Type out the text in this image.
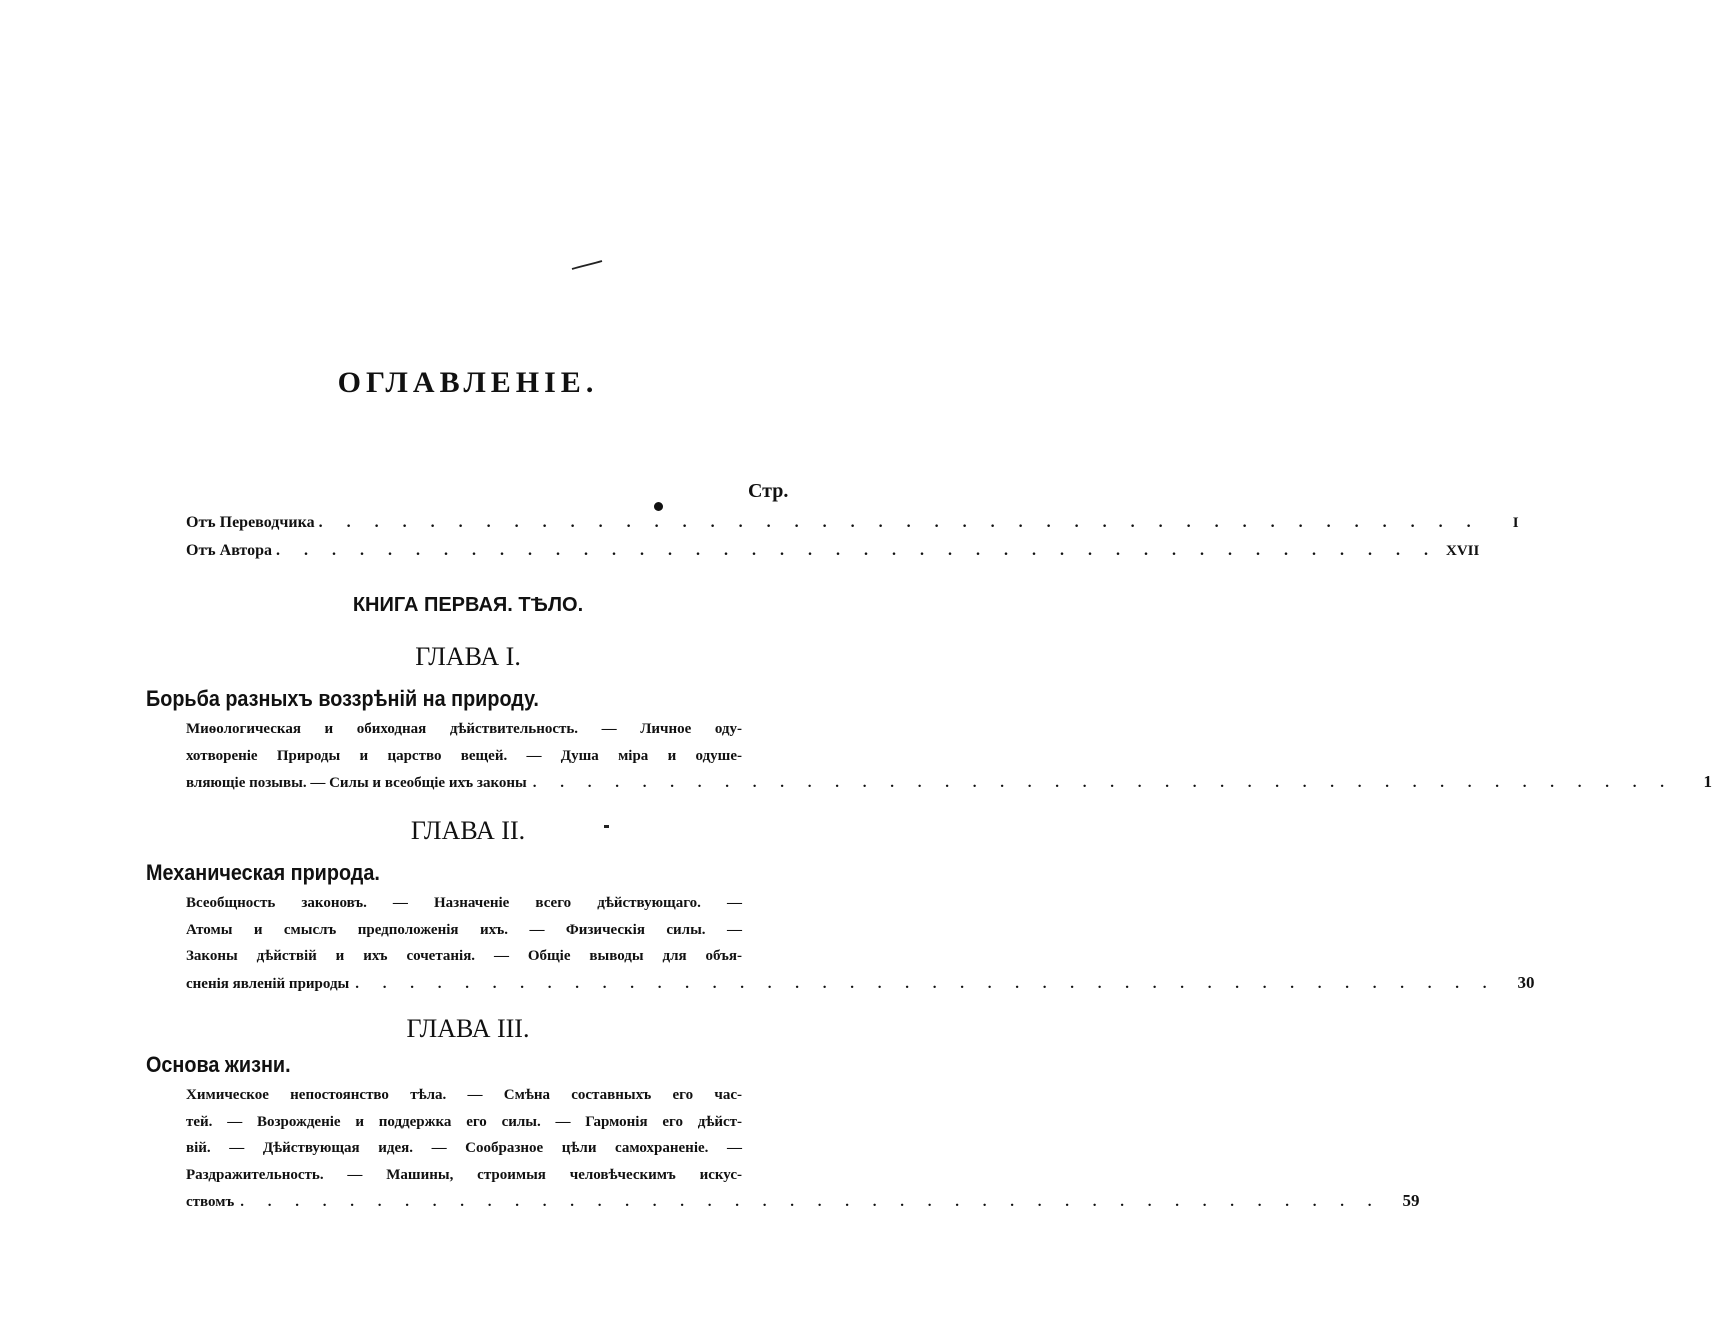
ОГЛАВЛЕНІЕ.
Стр.
Отъ Переводчика . . . . . . . . . . . . . . . . . . . . . . . . . . . . . . . . . . . . . . . . . .	I
Отъ Автора . . . . . . . . . . . . . . . . . . . . . . . . . . . . . . . . . . . . . . . . . . XVII
КНИГА ПЕРВАЯ. ТѢЛО.
ГЛАВА I.
Борьба разныхъ воззрѣній на природу.
Миѳологическая и обиходная дѣйствительность. — Личное оду-
хотвореніе Природы и царство вещей. — Душа міра и одуше-
вляющіе позывы. — Силы и всеобщіе ихъ законы . . . . . . . . . . . . . . . . . . . . . . . . . . . . . . . . . . . . . . . . . .	1
ГЛАВА II.
Механическая природа.
Всеобщность законовъ. — Назначеніе всего дѣйствующаго. —
Атомы и смыслъ предположенія ихъ. — Физическія силы. —
Законы дѣйствій и ихъ сочетанія. — Общіе выводы для объя-
сненія явленій природы . . . . . . . . . . . . . . . . . . . . . . . . . . . . . . . . . . . . . . . . . .	30
ГЛАВА III.
Основа жизни.
Химическое непостоянство тѣла. — Смѣна составныхъ его час-
тей. — Возрожденіе и поддержка его силы. — Гармонія его дѣйст-
вій. — Дѣйствующая идея. — Сообразное цѣли самохраненіе. —
Раздражительность. — Машины, строимыя человѣческимъ искус-
ствомъ . . . . . . . . . . . . . . . . . . . . . . . . . . . . . . . . . . . . . . . . . .	59
